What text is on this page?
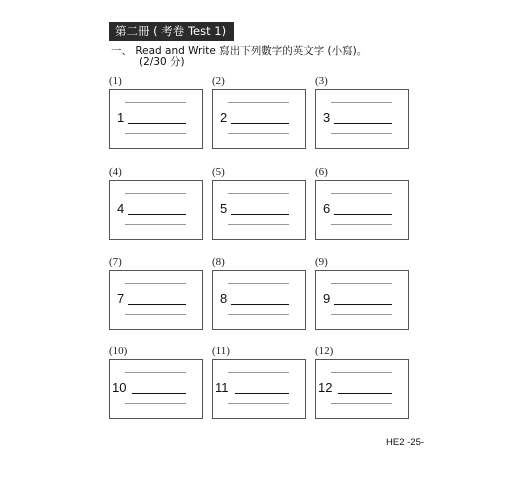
第二冊 ( 考卷 Test 1)
一、 Read and Write 寫出下列數字的英文字 (小寫)。
(2/30 分)
(1)
1
(2)
2
(3)
3
(4)
4
(5)
5
(6)
6
(7)
7
(8)
8
(9)
9
(10)
10
(11)
11
(12)
12
HE2 -25-
